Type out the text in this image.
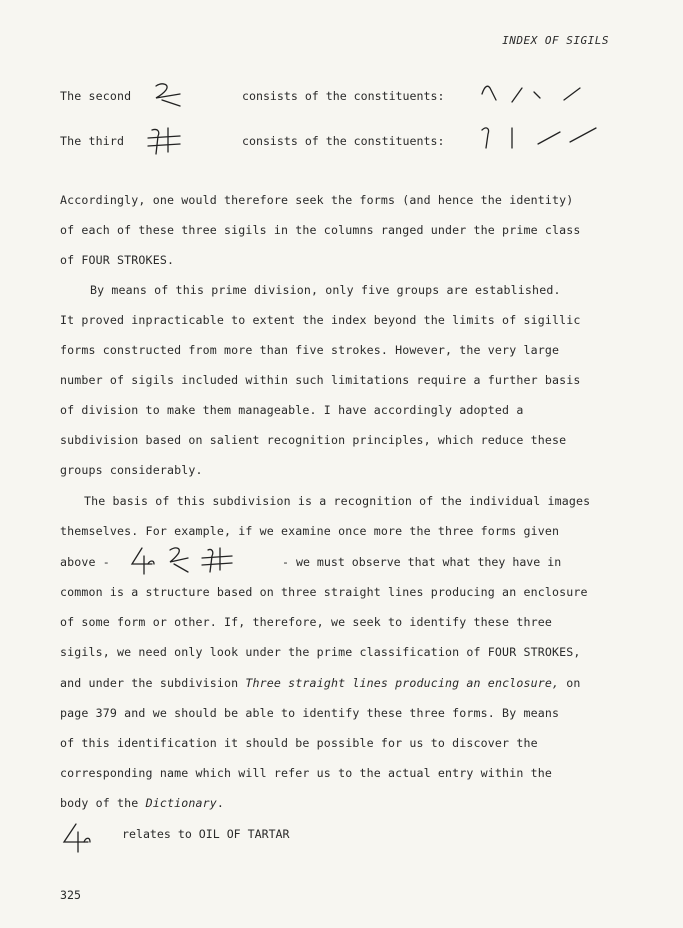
INDEX OF SIGILS
The second	consists of the constituents:
The third	consists of the constituents:
Accordingly, one would therefore seek the forms (and hence the identity)
of each of these three sigils in the columns ranged under the prime class
of FOUR STROKES.
By means of this prime division, only five groups are established.
It proved inpracticable to extent the index beyond the limits of sigillic
forms constructed from more than five strokes. However, the very large
number of sigils included within such limitations require a further basis
of division to make them manageable. I have accordingly adopted a
subdivision based on salient recognition principles, which reduce these
groups considerably.
The basis of this subdivision is a recognition of the individual images
themselves. For example, if we examine once more the three forms given
above -	- we must observe that what they have in
common is a structure based on three straight lines producing an enclosure
of some form or other. If, therefore, we seek to identify these three
sigils, we need only look under the prime classification of FOUR STROKES,
and under the subdivision Three straight lines producing an enclosure, on
page 379 and we should be able to identify these three forms. By means
of this identification it should be possible for us to discover the
corresponding name which will refer us to the actual entry within the
body of the Dictionary.
relates to OIL OF TARTAR
325
